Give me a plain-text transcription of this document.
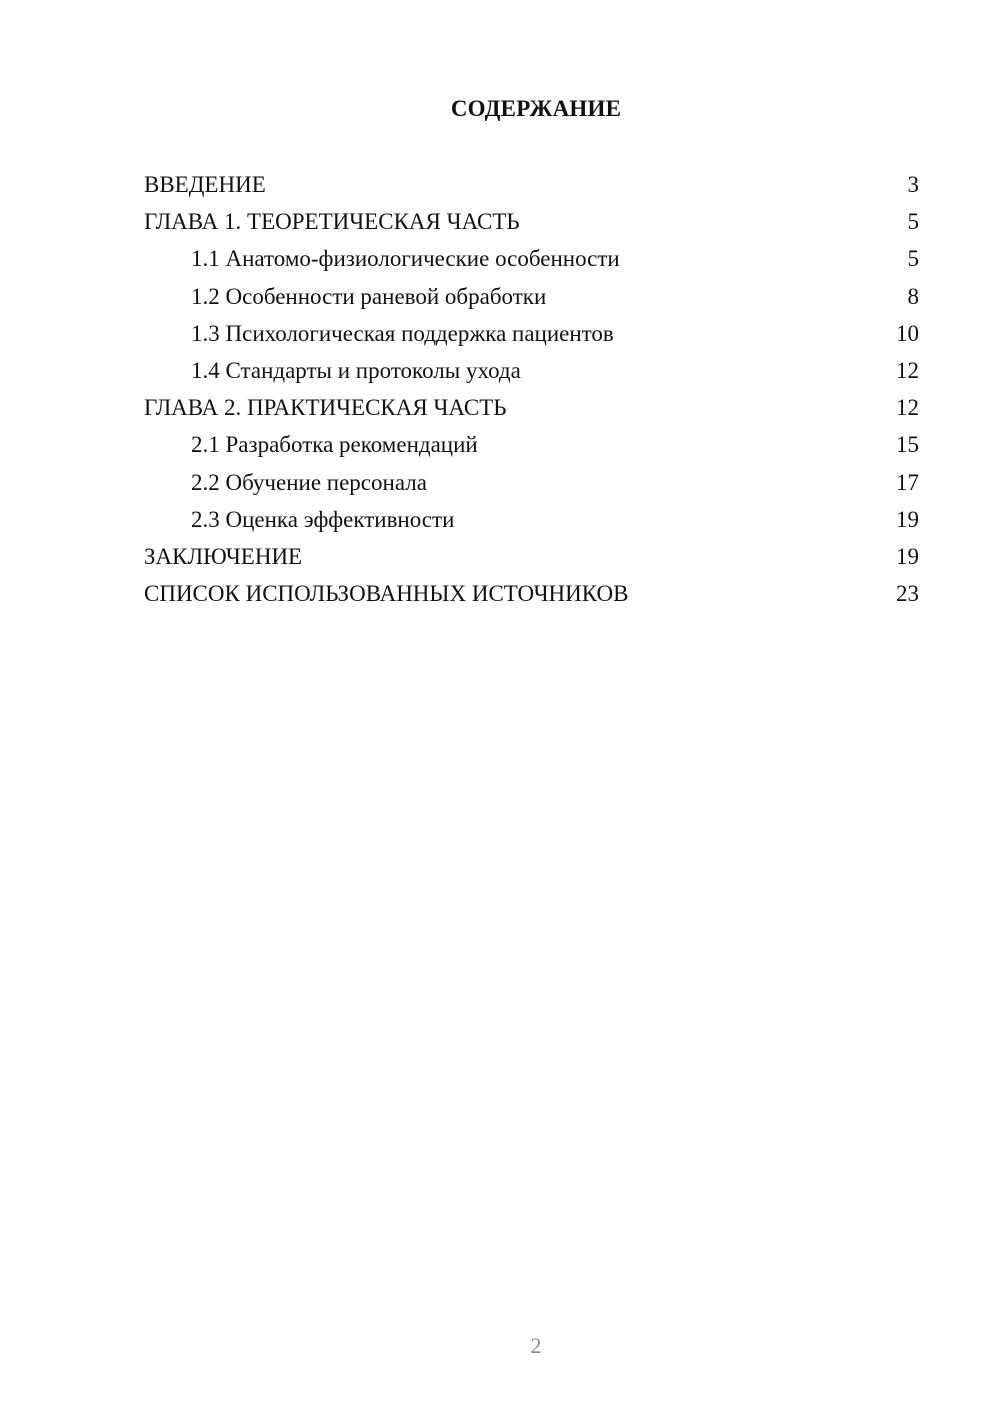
СОДЕРЖАНИЕ
ВВЕДЕНИЕ	3
ГЛАВА 1. ТЕОРЕТИЧЕСКАЯ ЧАСТЬ	5
1.1 Анатомо-физиологические особенности	5
1.2 Особенности раневой обработки	8
1.3 Психологическая поддержка пациентов	10
1.4 Стандарты и протоколы ухода	12
ГЛАВА 2. ПРАКТИЧЕСКАЯ ЧАСТЬ	12
2.1 Разработка рекомендаций	15
2.2 Обучение персонала	17
2.3 Оценка эффективности	19
ЗАКЛЮЧЕНИЕ	19
СПИСОК ИСПОЛЬЗОВАННЫХ ИСТОЧНИКОВ	23
2
